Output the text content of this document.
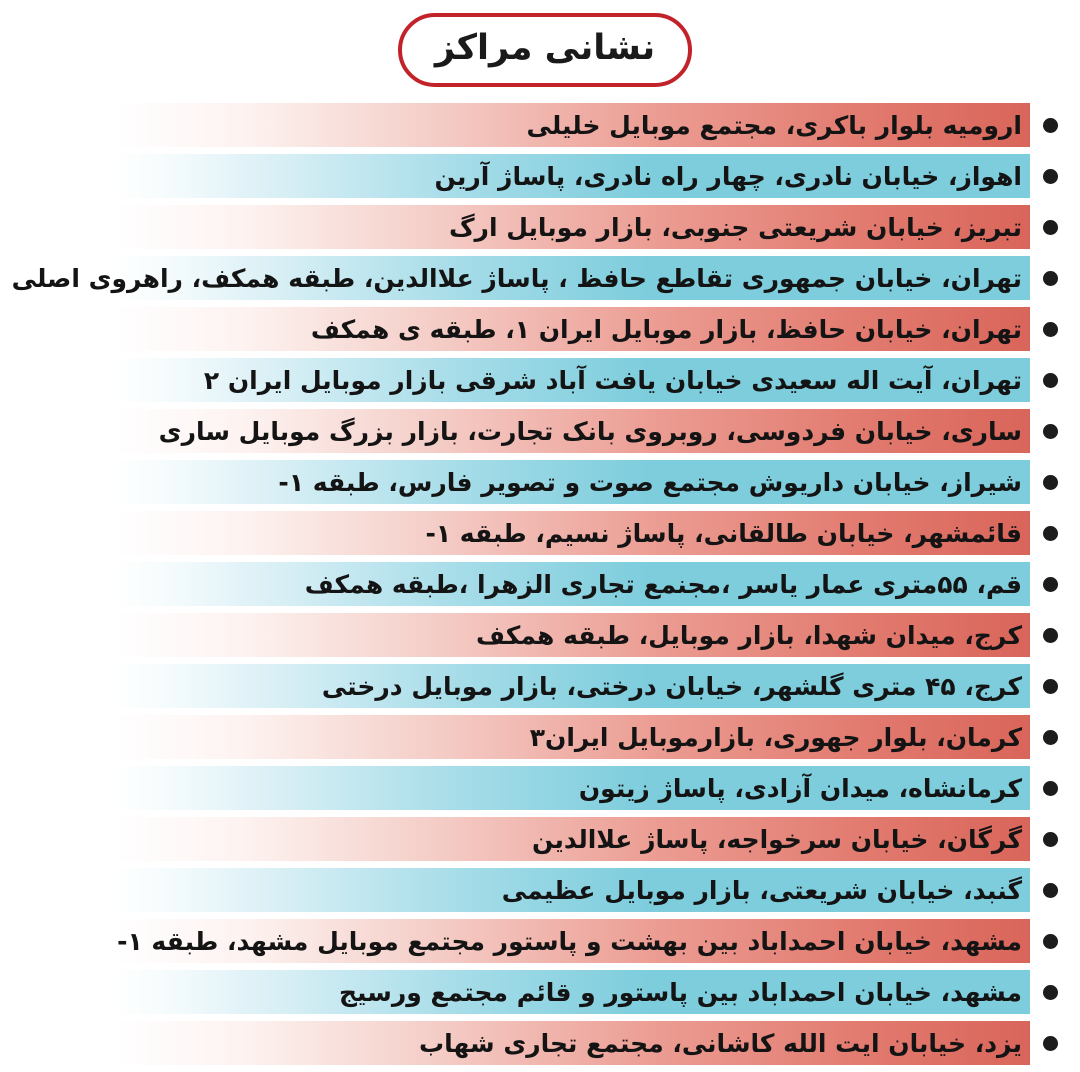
نشانی مراکز
ارومیه بلوار باکری، مجتمع موبایل خلیلی
اهواز، خیابان نادری، چهار راه نادری، پاساژ آرین
تبریز، خیابان شریعتی جنوبی، بازار موبایل ارگ
تهران، خیابان جمهوری تقاطع حافظ ، پاساژ علاالدین، طبقه همکف، راهروی اصلی
تهران، خیابان حافظ، بازار موبایل ایران ۱، طبقه ی همکف
تهران، آیت اله سعیدی خیابان یافت آباد شرقی بازار موبایل ایران ۲
ساری، خیابان فردوسی، روبروی بانک تجارت، بازار بزرگ موبایل ساری
شیراز، خیابان داریوش مجتمع صوت و تصویر فارس، طبقه ۱-
قائمشهر، خیابان طالقانی، پاساژ نسیم، طبقه ۱-
قم، ۵۵متری عمار یاسر ،مجنمع تجاری الزهرا ،طبقه همکف
کرج، میدان شهدا، بازار موبایل، طبقه همکف
کرج، ۴۵ متری گلشهر، خیابان درختی، بازار موبایل درختی
کرمان، بلوار جهوری، بازارموبایل ایران۳
کرمانشاه، میدان آزادی، پاساژ زیتون
گرگان، خیابان سرخواجه، پاساژ علاالدین
گنبد، خیابان شریعتی، بازار موبایل عظیمی
مشهد، خیابان احمداباد بین بهشت و پاستور مجتمع موبایل مشهد، طبقه ۱-
مشهد، خیابان احمداباد بین پاستور و قائم مجتمع ورسیج
یزد، خیابان ایت الله کاشانی، مجتمع تجاری شهاب
